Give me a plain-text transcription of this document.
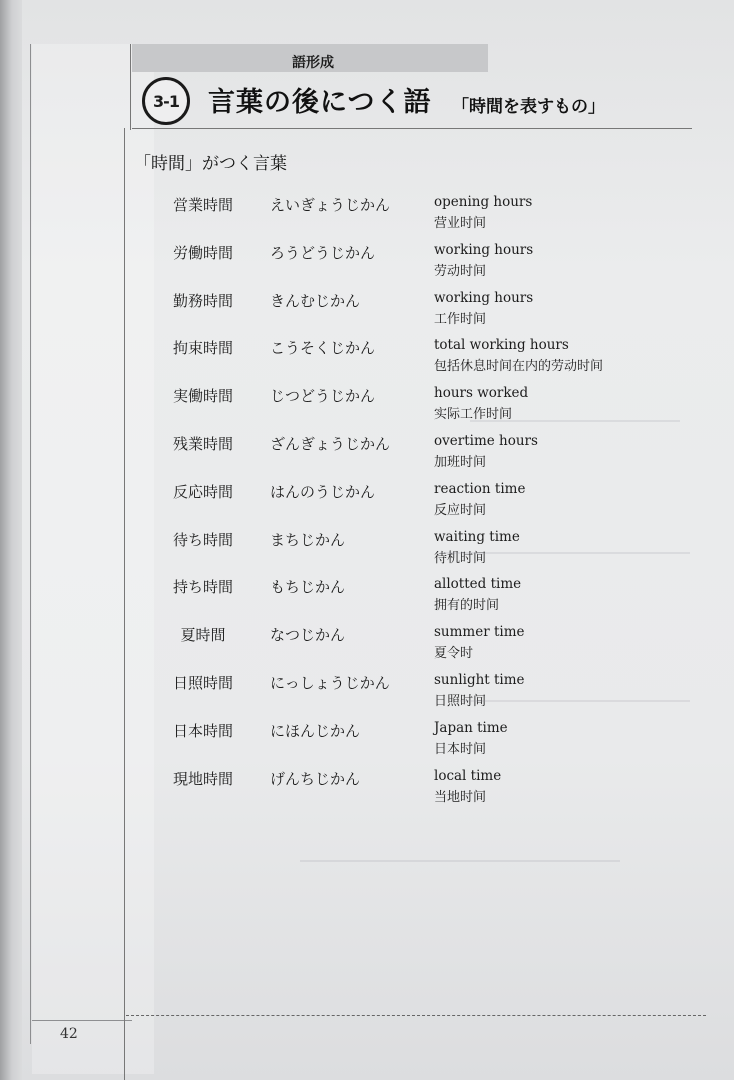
42
語形成
3-1 言葉の後につく語 「時間を表すもの」
「時間」がつく言葉
営業時間	えいぎょうじかん	opening hours
营业时间
労働時間	ろうどうじかん	working hours
劳动时间
勤務時間	きんむじかん	working hours
工作时间
拘束時間	こうそくじかん	total working hours
包括休息时间在内的劳动时间
実働時間	じつどうじかん	hours worked
实际工作时间
残業時間	ざんぎょうじかん	overtime hours
加班时间
反応時間	はんのうじかん	reaction time
反应时间
待ち時間	まちじかん	waiting time
待机时间
持ち時間	もちじかん	allotted time
拥有的时间
夏時間	なつじかん	summer time
夏令时
日照時間	にっしょうじかん	sunlight time
日照时间
日本時間	にほんじかん	Japan time
日本时间
現地時間	げんちじかん	local time
当地时间
